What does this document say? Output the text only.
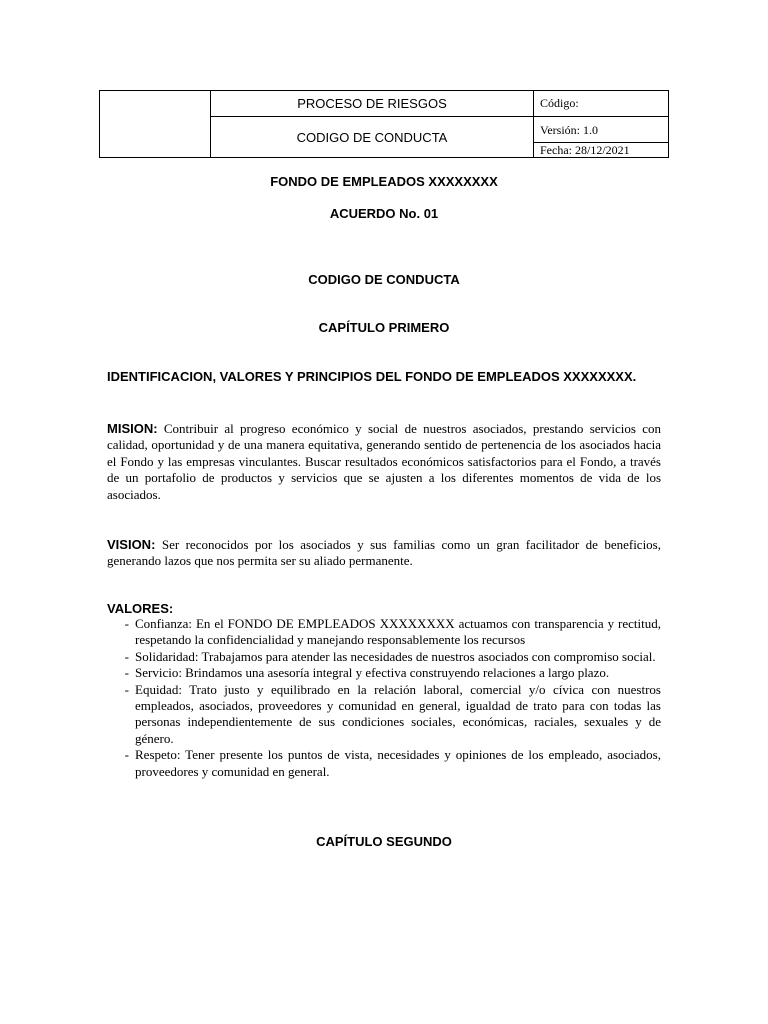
	PROCESO DE RIESGOS	Código:
	CODIGO DE CONDUCTA	Versión: 1.0
Fecha: 28/12/2021

FONDO DE EMPLEADOS XXXXXXXX

ACUERDO No. 01

CODIGO DE CONDUCTA

CAPÍTULO PRIMERO

IDENTIFICACION, VALORES Y PRINCIPIOS DEL FONDO DE EMPLEADOS XXXXXXXX.

MISION: Contribuir al progreso económico y social de nuestros asociados, prestando servicios con calidad, oportunidad y de una manera equitativa, generando sentido de pertenencia de los asociados hacia el Fondo y las empresas vinculantes. Buscar resultados económicos satisfactorios para el Fondo, a través de un portafolio de productos y servicios que se ajusten a los diferentes momentos de vida de los asociados.

VISION: Ser reconocidos por los asociados y sus familias como un gran facilitador de beneficios, generando lazos que nos permita ser su aliado permanente.

VALORES:

- Confianza: En el FONDO DE EMPLEADOS XXXXXXXX actuamos con transparencia y rectitud, respetando la confidencialidad y manejando responsablemente los recursos
- Solidaridad: Trabajamos para atender las necesidades de nuestros asociados con compromiso social.
- Servicio: Brindamos una asesoría integral y efectiva construyendo relaciones a largo plazo.
- Equidad: Trato justo y equilibrado en la relación laboral, comercial y/o cívica con nuestros empleados, asociados, proveedores y comunidad en general, igualdad de trato para con todas las personas independientemente de sus condiciones sociales, económicas, raciales, sexuales y de género.
- Respeto: Tener presente los puntos de vista, necesidades y opiniones de los empleado, asociados, proveedores y comunidad en general.

CAPÍTULO SEGUNDO
